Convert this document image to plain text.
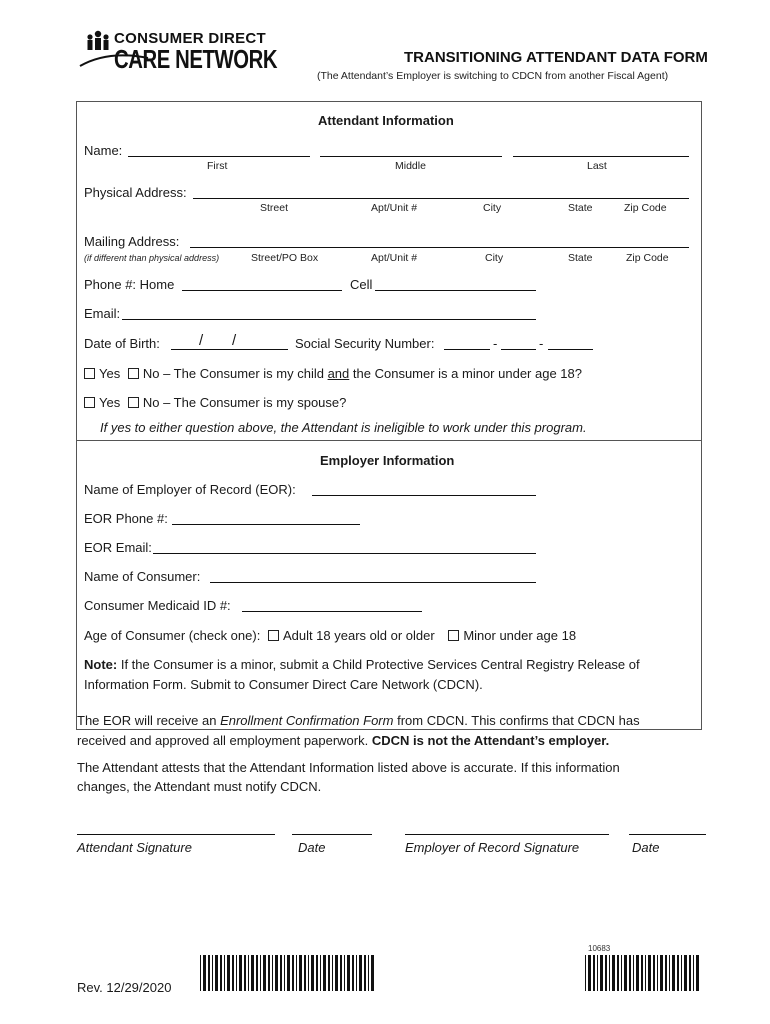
CONSUMER DIRECT
CARE NETWORK	TRANSITIONING ATTENDANT DATA FORM
(The Attendant’s Employer is switching to CDCN from another Fiscal Agent)
Attendant Information
Name:
First	Middle	Last
Physical Address:
Street	Apt/Unit #	City	State	Zip Code
Mailing Address:
(if different than physical address)	Street/PO Box	Apt/Unit #	City	State	Zip Code
Phone #: Home	Cell
Email:
Date of Birth:	/ /	Social Security Number:	-	-
Yes No – The Consumer is my child and the Consumer is a minor under age 18?
Yes No – The Consumer is my spouse?
If yes to either question above, the Attendant is ineligible to work under this program.
Employer Information
Name of Employer of Record (EOR):
EOR Phone #:
EOR Email:
Name of Consumer:
Consumer Medicaid ID #:
Age of Consumer (check one): Adult 18 years old or older Minor under age 18
Note: If the Consumer is a minor, submit a Child Protective Services Central Registry Release of
Information Form. Submit to Consumer Direct Care Network (CDCN).
The EOR will receive an Enrollment Confirmation Form from CDCN. This confirms that CDCN has
received and approved all employment paperwork. CDCN is not the Attendant’s employer.
The Attendant attests that the Attendant Information listed above is accurate. If this information
changes, the Attendant must notify CDCN.
Attendant Signature	Date	Employer of Record Signature	Date
10683
Rev. 12/29/2020
